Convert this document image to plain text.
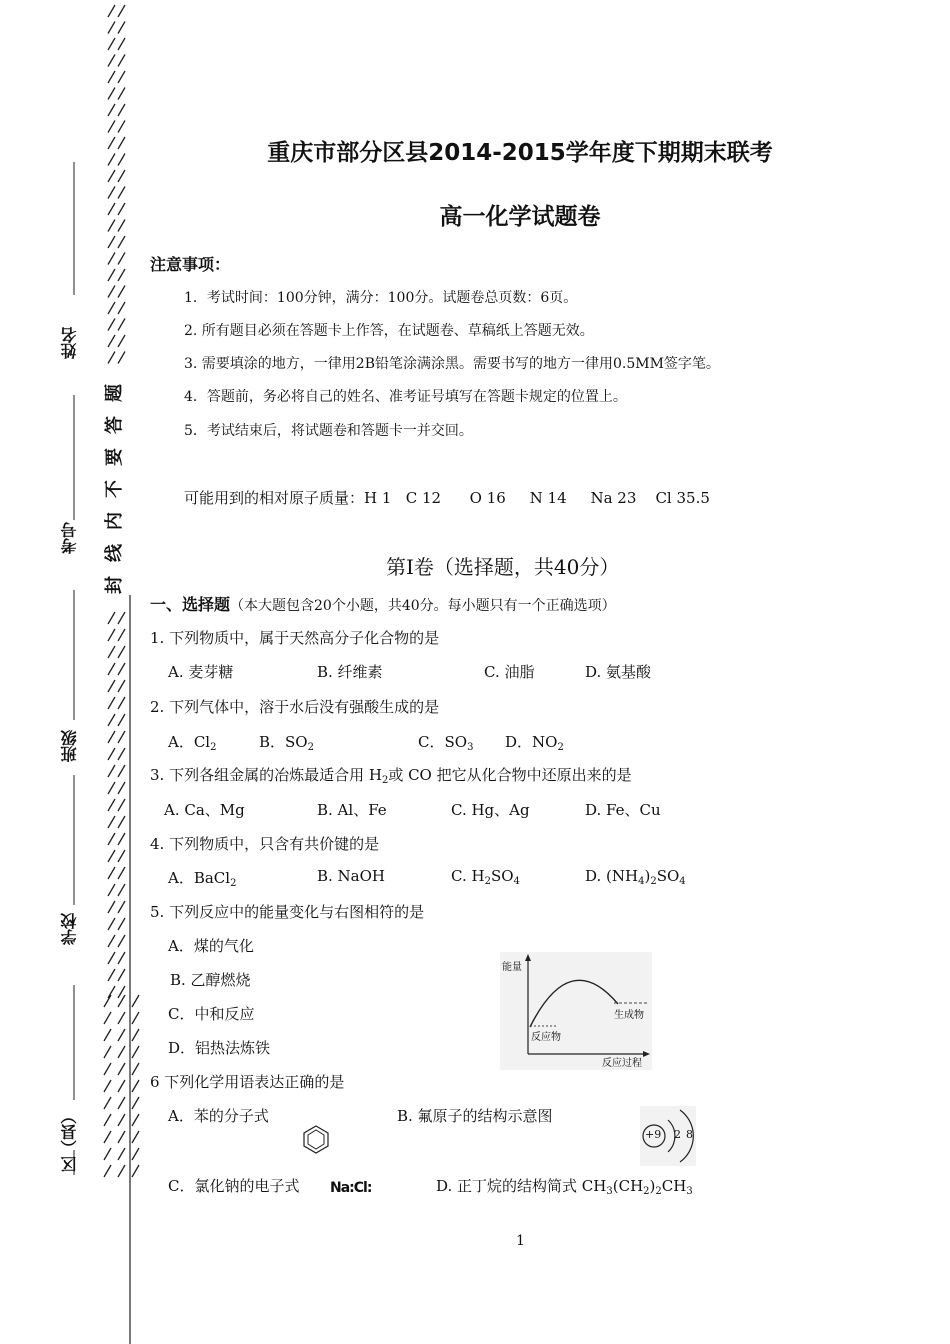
姓名
考号
班级
学校
区（县）
题
答
要
不
内
线
封
重庆市部分区县2014-2015学年度下期期末联考
高一化学试题卷
注意事项：
1．考试时间：100分钟，满分：100分。试题卷总页数：6页。
2. 所有题目必须在答题卡上作答，在试题卷、草稿纸上答题无效。
3. 需要填涂的地方，一律用2B铅笔涂满涂黑。需要书写的地方一律用0.5MM签字笔。
4．答题前，务必将自己的姓名、准考证号填写在答题卡规定的位置上。
5．考试结束后，将试题卷和答题卡一并交回。
可能用到的相对原子质量：H 1   C 12      O 16     N 14     Na 23    Cl 35.5
第I卷（选择题，共40分）
一、选择题（本大题包含20个小题，共40分。每小题只有一个正确选项）
1. 下列物质中，属于天然高分子化合物的是
A. 麦芽糖	B. 纤维素	C. 油脂	D. 氨基酸
2. 下列气体中，溶于水后没有强酸生成的是
A．$Cl_2$	B．$SO_2$	C．$SO_3$ D．$NO_2$
3. 下列各组金属的冶炼最适合用 $H_2$或 CO 把它从化合物中还原出来的是
A. Ca、Mg	B. Al、Fe	C. Hg、Ag	D. Fe、Cu
4. 下列物质中，只含有共价键的是
A．BaCl$_2$	B. NaOH	C. $H_2SO_4$	D. $(NH_4)_2SO_4$
5. 下列反应中的能量变化与右图相符的是
A．煤的气化
B. 乙醇燃烧
C．中和反应
D．铝热法炼铁
能量
生成物
反应物
反应过程
6 下列化学用语表达正确的是
A．苯的分子式	B. 氟原子的结构示意图
+9 2 8
C．氯化钠的电子式 Na:Cl:	D. 正丁烷的结构简式 $CH_3(CH_2)_2CH_3$
1
